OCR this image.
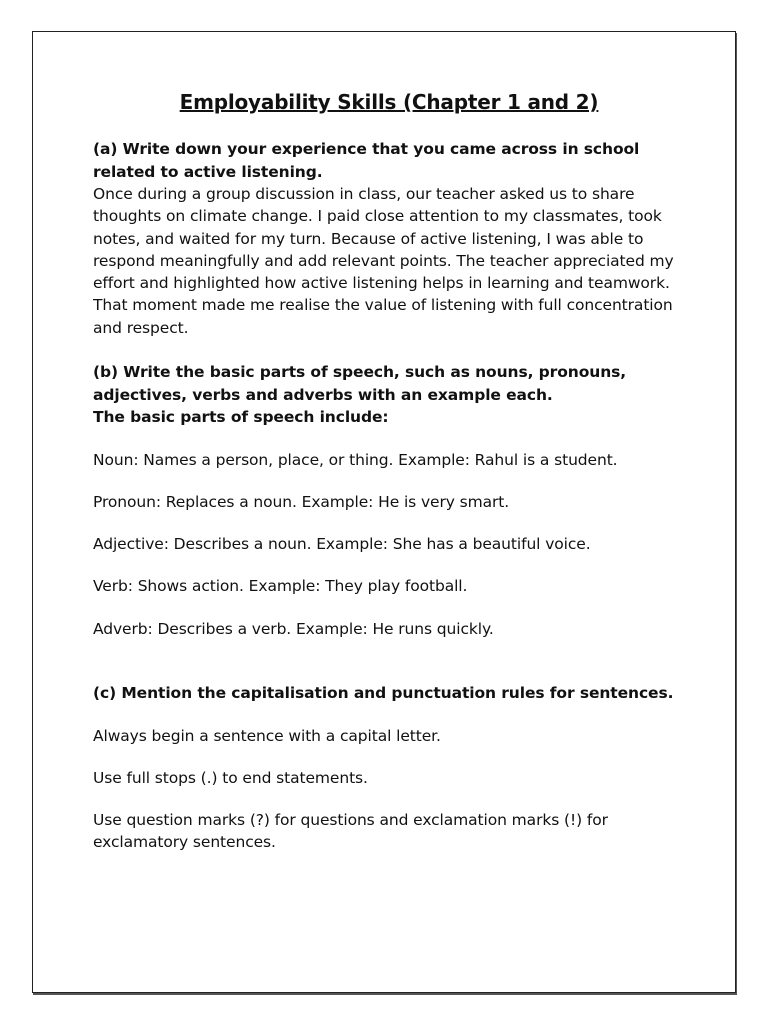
Employability Skills (Chapter 1 and 2)

(a) Write down your experience that you came across in school related to active listening.

Once during a group discussion in class, our teacher asked us to share thoughts on climate change. I paid close attention to my classmates, took notes, and waited for my turn. Because of active listening, I was able to respond meaningfully and add relevant points. The teacher appreciated my effort and highlighted how active listening helps in learning and teamwork. That moment made me realise the value of listening with full concentration and respect.

(b) Write the basic parts of speech, such as nouns, pronouns, adjectives, verbs and adverbs with an example each.

The basic parts of speech include:

Noun: Names a person, place, or thing. Example: Rahul is a student.

Pronoun: Replaces a noun. Example: He is very smart.

Adjective: Describes a noun. Example: She has a beautiful voice.

Verb: Shows action. Example: They play football.

Adverb: Describes a verb. Example: He runs quickly.

(c) Mention the capitalisation and punctuation rules for sentences.

Always begin a sentence with a capital letter.

Use full stops (.) to end statements.

Use question marks (?) for questions and exclamation marks (!) for exclamatory sentences.
